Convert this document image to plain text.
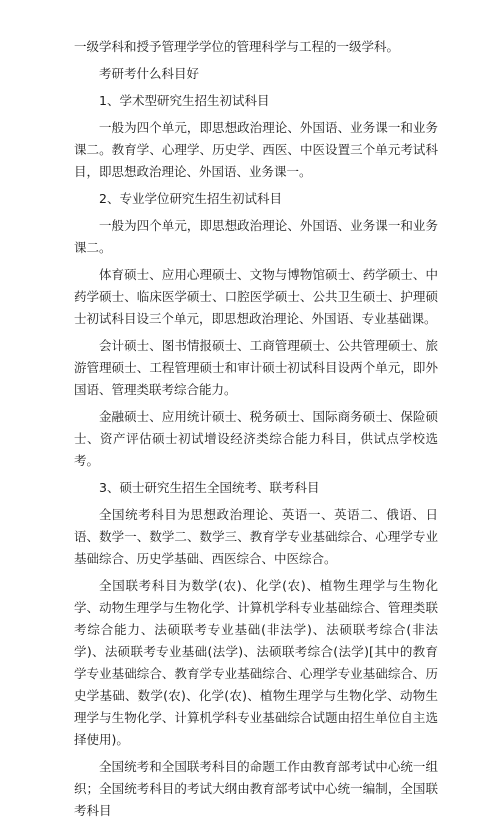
一级学科和授予管理学学位的管理科学与工程的一级学科。

考研考什么科目好

1、学术型研究生招生初试科目

一般为四个单元，即思想政治理论、外国语、业务课一和业务课二。教育学、心理学、历史学、西医、中医设置三个单元考试科目，即思想政治理论、外国语、业务课一。

2、专业学位研究生招生初试科目

一般为四个单元，即思想政治理论、外国语、业务课一和业务课二。

体育硕士、应用心理硕士、文物与博物馆硕士、药学硕士、中药学硕士、临床医学硕士、口腔医学硕士、公共卫生硕士、护理硕士初试科目设三个单元，即思想政治理论、外国语、专业基础课。

会计硕士、图书情报硕士、工商管理硕士、公共管理硕士、旅游管理硕士、工程管理硕士和审计硕士初试科目设两个单元，即外国语、管理类联考综合能力。

金融硕士、应用统计硕士、税务硕士、国际商务硕士、保险硕士、资产评估硕士初试增设经济类综合能力科目，供试点学校选考。

3、硕士研究生招生全国统考、联考科目

全国统考科目为思想政治理论、英语一、英语二、俄语、日语、数学一、数学二、数学三、教育学专业基础综合、心理学专业基础综合、历史学基础、西医综合、中医综合。

全国联考科目为数学(农)、化学(农)、植物生理学与生物化学、动物生理学与生物化学、计算机学科专业基础综合、管理类联考综合能力、法硕联考专业基础(非法学)、法硕联考综合(非法学)、法硕联考专业基础(法学)、法硕联考综合(法学)[其中的教育学专业基础综合、教育学专业基础综合、心理学专业基础综合、历史学基础、数学(农)、化学(农)、植物生理学与生物化学、动物生理学与生物化学、计算机学科专业基础综合试题由招生单位自主选择使用)。

全国统考和全国联考科目的命题工作由教育部考试中心统一组织；全国统考科目的考试大纲由教育部考试中心统一编制，全国联考科目
